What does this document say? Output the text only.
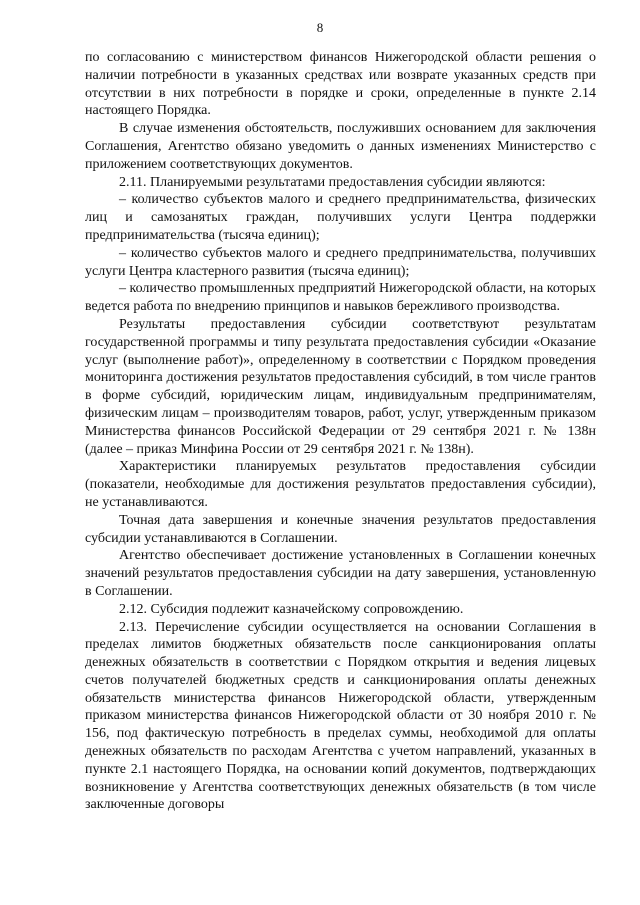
8

по согласованию с министерством финансов Нижегородской области решения о наличии потребности в указанных средствах или возврате указанных средств при отсутствии в них потребности в порядке и сроки, определенные в пункте 2.14 настоящего Порядка.

В случае изменения обстоятельств, послуживших основанием для заключения Соглашения, Агентство обязано уведомить о данных изменениях Министерство с приложением соответствующих документов.

2.11. Планируемыми результатами предоставления субсидии являются:

– количество субъектов малого и среднего предпринимательства, физических лиц и самозанятых граждан, получивших услуги Центра поддержки предпринимательства (тысяча единиц);

– количество субъектов малого и среднего предпринимательства, получивших услуги Центра кластерного развития (тысяча единиц);

– количество промышленных предприятий Нижегородской области, на которых ведется работа по внедрению принципов и навыков бережливого производства.

Результаты предоставления субсидии соответствуют результатам государственной программы и типу результата предоставления субсидии «Оказание услуг (выполнение работ)», определенному в соответствии с Порядком проведения мониторинга достижения результатов предоставления субсидий, в том числе грантов в форме субсидий, юридическим лицам, индивидуальным предпринимателям, физическим лицам – производителям товаров, работ, услуг, утвержденным приказом Министерства финансов Российской Федерации от 29 сентября 2021 г. № 138н (далее – приказ Минфина России от 29 сентября 2021 г. № 138н).

Характеристики планируемых результатов предоставления субсидии (показатели, необходимые для достижения результатов предоставления субсидии), не устанавливаются.

Точная дата завершения и конечные значения результатов предоставления субсидии устанавливаются в Соглашении.

Агентство обеспечивает достижение установленных в Соглашении конечных значений результатов предоставления субсидии на дату завершения, установленную в Соглашении.

2.12. Субсидия подлежит казначейскому сопровождению.

2.13. Перечисление субсидии осуществляется на основании Соглашения в пределах лимитов бюджетных обязательств после санкционирования оплаты денежных обязательств в соответствии с Порядком открытия и ведения лицевых счетов получателей бюджетных средств и санкционирования оплаты денежных обязательств министерства финансов Нижегородской области, утвержденным приказом министерства финансов Нижегородской области от 30 ноября 2010 г. № 156, под фактическую потребность в пределах суммы, необходимой для оплаты денежных обязательств по расходам Агентства с учетом направлений, указанных в пункте 2.1 настоящего Порядка, на основании копий документов, подтверждающих возникновение у Агентства соответствующих денежных обязательств (в том числе заключенные договоры
